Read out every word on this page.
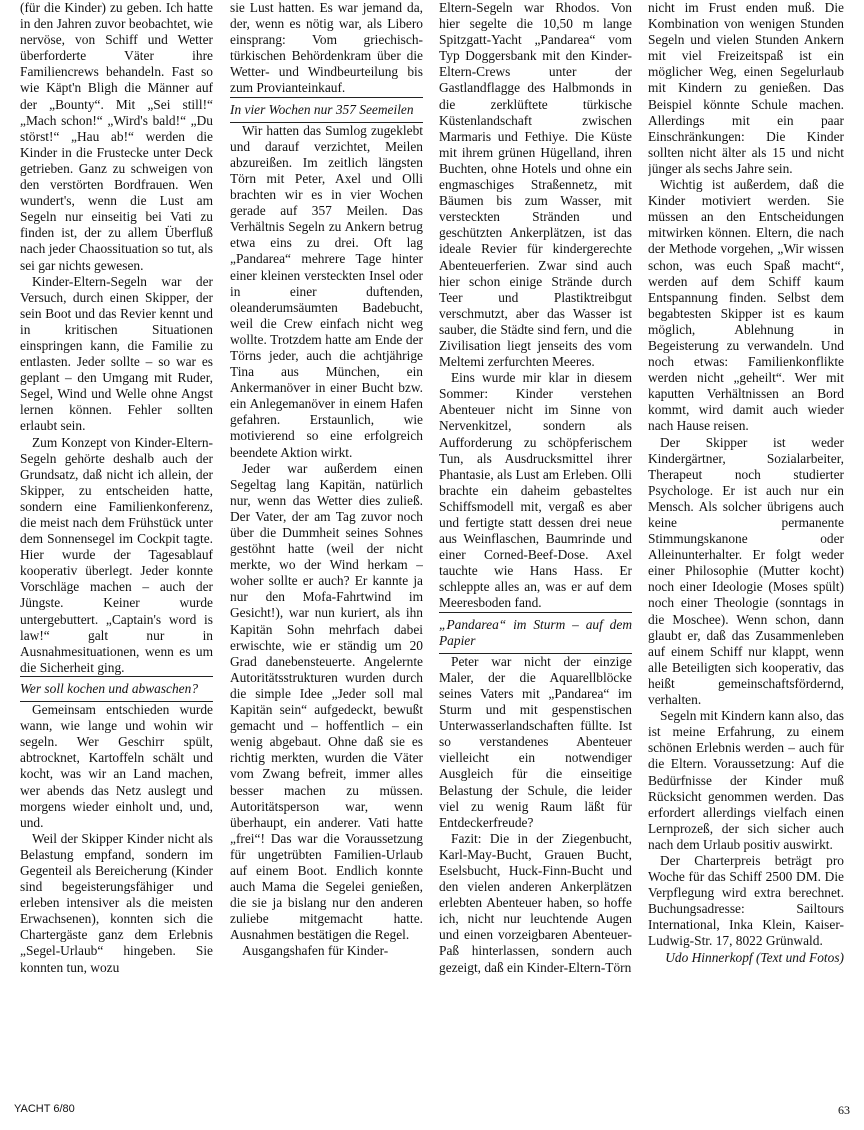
(für die Kinder) zu geben. Ich hatte in den Jahren zuvor beobachtet, wie nervöse, von Schiff und Wetter überforderte Väter ihre Familiencrews behandeln. Fast so wie Käpt'n Bligh die Männer auf der „Bounty“. Mit „Sei still!“ „Mach schon!“ „Wird's bald!“ „Du störst!“ „Hau ab!“ werden die Kinder in die Frustecke unter Deck getrieben. Ganz zu schweigen von den verstörten Bordfrauen. Wen wundert's, wenn die Lust am Segeln nur einseitig bei Vati zu finden ist, der zu allem Überfluß nach jeder Chaossituation so tut, als sei gar nichts gewesen.

Kinder-Eltern-Segeln war der Versuch, durch einen Skipper, der sein Boot und das Revier kennt und in kritischen Situationen einspringen kann, die Familie zu entlasten. Jeder sollte – so war es geplant – den Umgang mit Ruder, Segel, Wind und Welle ohne Angst lernen können. Fehler sollten erlaubt sein.

Zum Konzept von Kinder-Eltern-Segeln gehörte deshalb auch der Grundsatz, daß nicht ich allein, der Skipper, zu entscheiden hatte, sondern eine Familienkonferenz, die meist nach dem Frühstück unter dem Sonnensegel im Cockpit tagte. Hier wurde der Tagesablauf kooperativ überlegt. Jeder konnte Vorschläge machen – auch der Jüngste. Keiner wurde untergebuttert. „Captain's word is law!“ galt nur in Ausnahmesituationen, wenn es um die Sicherheit ging.

Wer soll kochen und abwaschen?

Gemeinsam entschieden wurde wann, wie lange und wohin wir segeln. Wer Geschirr spült, abtrocknet, Kartoffeln schält und kocht, was wir an Land machen, wer abends das Netz auslegt und morgens wieder einholt und, und, und.

Weil der Skipper Kinder nicht als Belastung empfand, sondern im Gegenteil als Bereicherung (Kinder sind begeisterungsfähiger und erleben intensiver als die meisten Erwachsenen), konnten sich die Chartergäste ganz dem Erlebnis „Segel-Urlaub“ hingeben. Sie konnten tun, wozu

sie Lust hatten. Es war jemand da, der, wenn es nötig war, als Libero einsprang: Vom griechisch-türkischen Behördenkram über die Wetter- und Windbeurteilung bis zum Provianteinkauf.

In vier Wochen nur 357 Seemeilen

Wir hatten das Sumlog zugeklebt und darauf verzichtet, Meilen abzureißen. Im zeitlich längsten Törn mit Peter, Axel und Olli brachten wir es in vier Wochen gerade auf 357 Meilen. Das Verhältnis Segeln zu Ankern betrug etwa eins zu drei. Oft lag „Pandarea“ mehrere Tage hinter einer kleinen versteckten Insel oder in einer duftenden, oleanderumsäumten Badebucht, weil die Crew einfach nicht weg wollte. Trotzdem hatte am Ende der Törns jeder, auch die achtjährige Tina aus München, ein Ankermanöver in einer Bucht bzw. ein Anlegemanöver in einem Hafen gefahren. Erstaunlich, wie motivierend so eine erfolgreich beendete Aktion wirkt.

Jeder war außerdem einen Segeltag lang Kapitän, natürlich nur, wenn das Wetter dies zuließ. Der Vater, der am Tag zuvor noch über die Dummheit seines Sohnes gestöhnt hatte (weil der nicht merkte, wo der Wind herkam – woher sollte er auch? Er kannte ja nur den Mofa-Fahrtwind im Gesicht!), war nun kuriert, als ihn Kapitän Sohn mehrfach dabei erwischte, wie er ständig um 20 Grad danebensteuerte. Angelernte Autoritätsstrukturen wurden durch die simple Idee „Jeder soll mal Kapitän sein“ aufgedeckt, bewußt gemacht und – hoffentlich – ein wenig abgebaut. Ohne daß sie es richtig merkten, wurden die Väter vom Zwang befreit, immer alles besser machen zu müssen. Autoritätsperson war, wenn überhaupt, ein anderer. Vati hatte „frei“! Das war die Voraussetzung für ungetrübten Familien-Urlaub auf einem Boot. Endlich konnte auch Mama die Segelei genießen, die sie ja bislang nur den anderen zuliebe mitgemacht hatte. Ausnahmen bestätigen die Regel.

Ausgangshafen für Kinder-

Eltern-Segeln war Rhodos. Von hier segelte die 10,50 m lange Spitzgatt-Yacht „Pandarea“ vom Typ Doggersbank mit den Kinder-Eltern-Crews unter der Gastlandflagge des Halbmonds in die zerklüftete türkische Küstenlandschaft zwischen Marmaris und Fethiye. Die Küste mit ihrem grünen Hügelland, ihren Buchten, ohne Hotels und ohne ein engmaschiges Straßennetz, mit Bäumen bis zum Wasser, mit versteckten Stränden und geschützten Ankerplätzen, ist das ideale Revier für kindergerechte Abenteuerferien. Zwar sind auch hier schon einige Strände durch Teer und Plastiktreibgut verschmutzt, aber das Wasser ist sauber, die Städte sind fern, und die Zivilisation liegt jenseits des vom Meltemi zerfurchten Meeres.

Eins wurde mir klar in diesem Sommer: Kinder verstehen Abenteuer nicht im Sinne von Nervenkitzel, sondern als Aufforderung zu schöpferischem Tun, als Ausdrucksmittel ihrer Phantasie, als Lust am Erleben. Olli brachte ein daheim gebasteltes Schiffsmodell mit, vergaß es aber und fertigte statt dessen drei neue aus Weinflaschen, Baumrinde und einer Corned-Beef-Dose. Axel tauchte wie Hans Hass. Er schleppte alles an, was er auf dem Meeresboden fand.

„Pandarea“ im Sturm – auf dem Papier

Peter war nicht der einzige Maler, der die Aquarellblöcke seines Vaters mit „Pandarea“ im Sturm und mit gespenstischen Unterwasserlandschaften füllte. Ist so verstandenes Abenteuer vielleicht ein notwendiger Ausgleich für die einseitige Belastung der Schule, die leider viel zu wenig Raum läßt für Entdeckerfreude?

Fazit: Die in der Ziegenbucht, Karl-May-Bucht, Grauen Bucht, Eselsbucht, Huck-Finn-Bucht und den vielen anderen Ankerplätzen erlebten Abenteuer haben, so hoffe ich, nicht nur leuchtende Augen und einen vorzeigbaren Abenteuer-Paß hinterlassen, sondern auch gezeigt, daß ein Kinder-Eltern-Törn

nicht im Frust enden muß. Die Kombination von wenigen Stunden Segeln und vielen Stunden Ankern mit viel Freizeitspaß ist ein möglicher Weg, einen Segelurlaub mit Kindern zu genießen. Das Beispiel könnte Schule machen. Allerdings mit ein paar Einschränkungen: Die Kinder sollten nicht älter als 15 und nicht jünger als sechs Jahre sein.

Wichtig ist außerdem, daß die Kinder motiviert werden. Sie müssen an den Entscheidungen mitwirken können. Eltern, die nach der Methode vorgehen, „Wir wissen schon, was euch Spaß macht“, werden auf dem Schiff kaum Entspannung finden. Selbst dem begabtesten Skipper ist es kaum möglich, Ablehnung in Begeisterung zu verwandeln. Und noch etwas: Familienkonflikte werden nicht „geheilt“. Wer mit kaputten Verhältnissen an Bord kommt, wird damit auch wieder nach Hause reisen.

Der Skipper ist weder Kindergärtner, Sozialarbeiter, Therapeut noch studierter Psychologe. Er ist auch nur ein Mensch. Als solcher übrigens auch keine permanente Stimmungskanone oder Alleinunterhalter. Er folgt weder einer Philosophie (Mutter kocht) noch einer Ideologie (Moses spült) noch einer Theologie (sonntags in die Moschee). Wenn schon, dann glaubt er, daß das Zusammenleben auf einem Schiff nur klappt, wenn alle Beteiligten sich kooperativ, das heißt gemeinschaftsfördernd, verhalten.

Segeln mit Kindern kann also, das ist meine Erfahrung, zu einem schönen Erlebnis werden – auch für die Eltern. Voraussetzung: Auf die Bedürfnisse der Kinder muß Rücksicht genommen werden. Das erfordert allerdings vielfach einen Lernprozeß, der sich sicher auch nach dem Urlaub positiv auswirkt.

Der Charterpreis beträgt pro Woche für das Schiff 2500 DM. Die Verpflegung wird extra berechnet. Buchungsadresse: Sailtours International, Inka Klein, Kaiser-Ludwig-Str. 17, 8022 Grünwald.

Udo Hinnerkopf (Text und Fotos)

YACHT 6/80	63
